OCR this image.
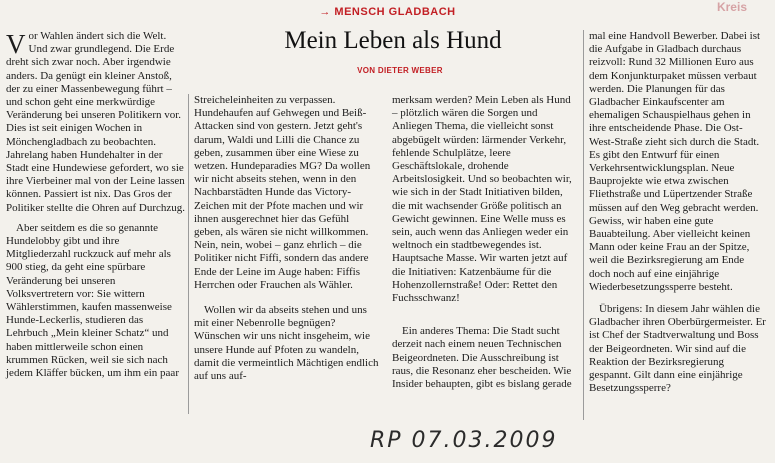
Kreis
→ MENSCH GLADBACH
Mein Leben als Hund
VON DIETER WEBER

Vor Wahlen ändert sich die Welt. Und zwar grundlegend. Die Erde dreht sich zwar noch. Aber irgendwie anders. Da genügt ein kleiner Anstoß, der zu einer Massenbewegung führt – und schon geht eine merkwürdige Veränderung bei unseren Politikern vor. Dies ist seit einigen Wochen in Mönchengladbach zu beobachten. Jahrelang haben Hundehalter in der Stadt eine Hundewiese gefordert, wo sie ihre Vierbeiner mal von der Leine lassen können. Passiert ist nix. Das Gros der Politiker stellte die Ohren auf Durchzug.

Aber seitdem es die so genannte Hundelobby gibt und ihre Mitgliederzahl ruckzuck auf mehr als 900 stieg, da geht eine spürbare Veränderung bei unseren Volksvertretern vor: Sie wittern Wählerstimmen, kaufen massenweise Hunde-Leckerlis, studieren das Lehrbuch „Mein kleiner Schatz“ und haben mittlerweile schon einen krummen Rücken, weil sie sich nach jedem Kläffer bücken, um ihm ein paar

Streicheleinheiten zu verpassen. Hundehaufen auf Gehwegen und Beiß-Attacken sind von gestern. Jetzt geht's darum, Waldi und Lilli die Chance zu geben, zusammen über eine Wiese zu wetzen. Hundeparadies MG? Da wollen wir nicht abseits stehen, wenn in den Nachbarstädten Hunde das Victory-Zeichen mit der Pfote machen und wir ihnen ausgerechnet hier das Gefühl geben, als wären sie nicht willkommen. Nein, nein, wobei – ganz ehrlich – die Politiker nicht Fiffi, sondern das andere Ende der Leine im Auge haben: Fiffis Herrchen oder Frauchen als Wähler.

Wollen wir da abseits stehen und uns mit einer Nebenrolle begnügen? Wünschen wir uns nicht insgeheim, wie unsere Hunde auf Pfoten zu wandeln, damit die vermeintlich Mächtigen endlich auf uns auf-

merksam werden? Mein Leben als Hund – plötzlich wären die Sorgen und Anliegen Thema, die vielleicht sonst abgebügelt würden: lärmender Verkehr, fehlende Schulplätze, leere Geschäftslokale, drohende Arbeitslosigkeit. Und so beobachten wir, wie sich in der Stadt Initiativen bilden, die mit wachsender Größe politisch an Gewicht gewinnen. Eine Welle muss es sein, auch wenn das Anliegen weder ein weltnoch ein stadtbewegendes ist. Hauptsache Masse. Wir warten jetzt auf die Initiativen: Katzenbäume für die Hohenzollernstraße! Oder: Rettet den Fuchsschwanz!

Ein anderes Thema: Die Stadt sucht derzeit nach einem neuen Technischen Beigeordneten. Die Ausschreibung ist raus, die Resonanz eher bescheiden. Wie Insider behaupten, gibt es bislang gerade

mal eine Handvoll Bewerber. Dabei ist die Aufgabe in Gladbach durchaus reizvoll: Rund 32 Millionen Euro aus dem Konjunkturpaket müssen verbaut werden. Die Planungen für das Gladbacher Einkaufscenter am ehemaligen Schauspielhaus gehen in ihre entscheidende Phase. Die Ost-West-Straße zieht sich durch die Stadt. Es gibt den Entwurf für einen Verkehrsentwicklungsplan. Neue Bauprojekte wie etwa zwischen Fliethstraße und Lüpertzender Straße müssen auf den Weg gebracht werden. Gewiss, wir haben eine gute Bauabteilung. Aber vielleicht keinen Mann oder keine Frau an der Spitze, weil die Bezirksregierung am Ende doch noch auf eine einjährige Wiederbesetzungssperre besteht.

Übrigens: In diesem Jahr wählen die Gladbacher ihren Oberbürgermeister. Er ist Chef der Stadtverwaltung und Boss der Beigeordneten. Wir sind auf die Reaktion der Bezirksregierung gespannt. Gilt dann eine einjährige Besetzungssperre?

RP 07.03.2009
